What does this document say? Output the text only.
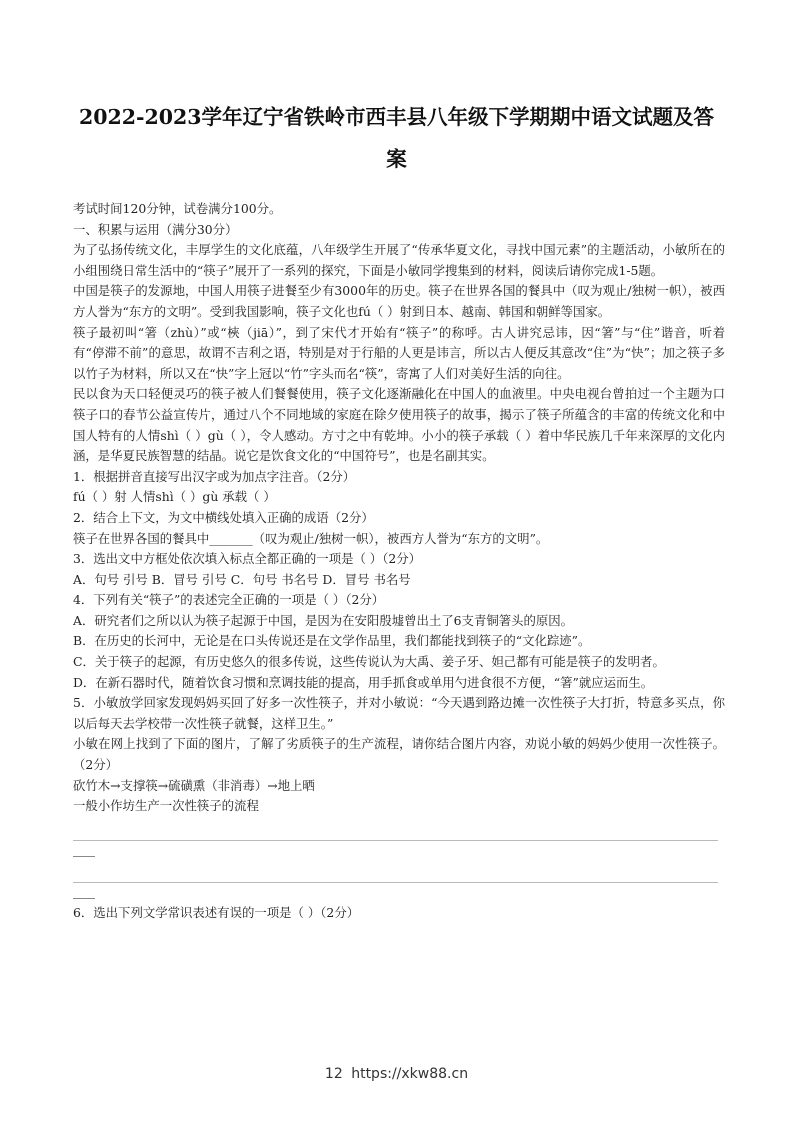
2022-2023学年辽宁省铁岭市西丰县八年级下学期期中语文试题及答案

考试时间120分钟，试卷满分100分。

一、积累与运用（满分30分）

为了弘扬传统文化，丰厚学生的文化底蕴，八年级学生开展了“传承华夏文化，寻找中国元素”的主题活动，小敏所在的小组围绕日常生活中的“筷子”展开了一系列的探究，下面是小敏同学搜集到的材料，阅读后请你完成1-5题。

中国是筷子的发源地，中国人用筷子进餐至少有3000年的历史。筷子在世界各国的餐具中（叹为观止/独树一帜），被西方人誉为“东方的文明”。受到我国影响，筷子文化也fú（ ）射到日本、越南、韩国和朝鲜等国家。

筷子最初叫“箸（zhù）”或“梜（jiā）”，到了宋代才开始有“筷子”的称呼。古人讲究忌讳，因“箸”与“住”谐音，听着有“停滞不前”的意思，故谓不吉利之语，特别是对于行船的人更是讳言，所以古人便反其意改“住”为“快”；加之筷子多以竹子为材料，所以又在“快”字上冠以“竹”字头而名“筷”，寄寓了人们对美好生活的向往。

民以食为天口轻便灵巧的筷子被人们餐餐使用，筷子文化逐渐融化在中国人的血液里。中央电视台曾拍过一个主题为口筷子口的春节公益宣传片，通过八个不同地域的家庭在除夕使用筷子的故事，揭示了筷子所蕴含的丰富的传统文化和中国人特有的人情shì（ ）gù（ ），令人感动。方寸之中有乾坤。小小的筷子承载（ ）着中华民族几千年来深厚的文化内涵，是华夏民族智慧的结晶。说它是饮食文化的“中国符号”，也是名副其实。

1．根据拼音直接写出汉字或为加点字注音。（2分）

fú（ ）射 人情shì（ ）gù 承载（ ）

2．结合上下文，为文中横线处填入正确的成语（2分）

筷子在世界各国的餐具中_______（叹为观止/独树一帜），被西方人誉为“东方的文明”。

3．选出文中方框处依次填入标点全都正确的一项是（ ）（2分）

A．句号 引号 B．冒号 引号 C．句号 书名号 D．冒号 书名号

4．下列有关“筷子”的表述完全正确的一项是（ ）（2分）

A．研究者们之所以认为筷子起源于中国，是因为在安阳殷墟曾出土了6支青铜箸头的原因。

B．在历史的长河中，无论是在口头传说还是在文学作品里，我们都能找到筷子的“文化踪迹”。

C．关于筷子的起源，有历史悠久的很多传说，这些传说认为大禹、姜子牙、妲己都有可能是筷子的发明者。

D．在新石器时代，随着饮食习惯和烹调技能的提高，用手抓食或单用勺进食很不方便，“箸”就应运而生。

5．小敏放学回家发现妈妈买回了好多一次性筷子，并对小敏说：“今天遇到路边摊一次性筷子大打折，特意多买点，你以后每天去学校带一次性筷子就餐，这样卫生。”

小敏在网上找到了下面的图片，了解了劣质筷子的生产流程，请你结合图片内容，劝说小敏的妈妈少使用一次性筷子。（2分）

砍竹木→支撑筷→硫磺熏（非消毒）→地上晒

一般小作坊生产一次性筷子的流程

6．选出下列文学常识表述有误的一项是（ ）（2分）

12 https://xkw88.cn
